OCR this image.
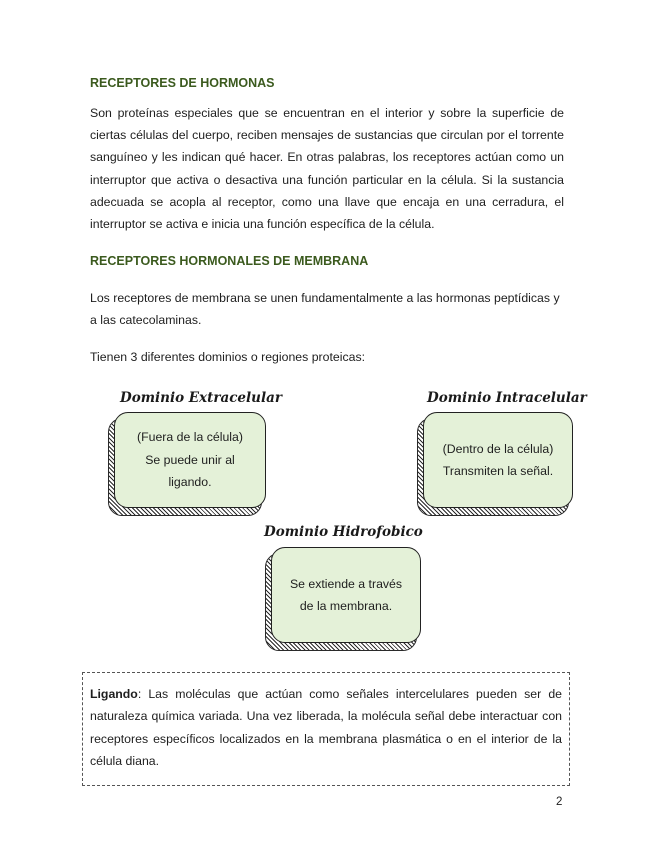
RECEPTORES DE HORMONAS

Son proteínas especiales que se encuentran en el interior y sobre la superficie de ciertas células del cuerpo, reciben mensajes de sustancias que circulan por el torrente sanguíneo y les indican qué hacer. En otras palabras, los receptores actúan como un interruptor que activa o desactiva una función particular en la célula. Si la sustancia adecuada se acopla al receptor, como una llave que encaja en una cerradura, el interruptor se activa e inicia una función específica de la célula.

RECEPTORES HORMONALES DE MEMBRANA

Los receptores de membrana se unen fundamentalmente a las hormonas peptídicas y a las catecolaminas.

Tienen 3 diferentes dominios o regiones proteicas:

Dominio Extracelular
(Fuera de la célula)
Se puede unir al
ligando.
Dominio Intracelular
(Dentro de la célula)
Transmiten la señal.
Dominio Hidrofobico
Se extiende a través
de la membrana.

Ligando: Las moléculas que actúan como señales intercelulares pueden ser de naturaleza química variada. Una vez liberada, la molécula señal debe interactuar con receptores específicos localizados en la membrana plasmática o en el interior de la célula diana.

2
